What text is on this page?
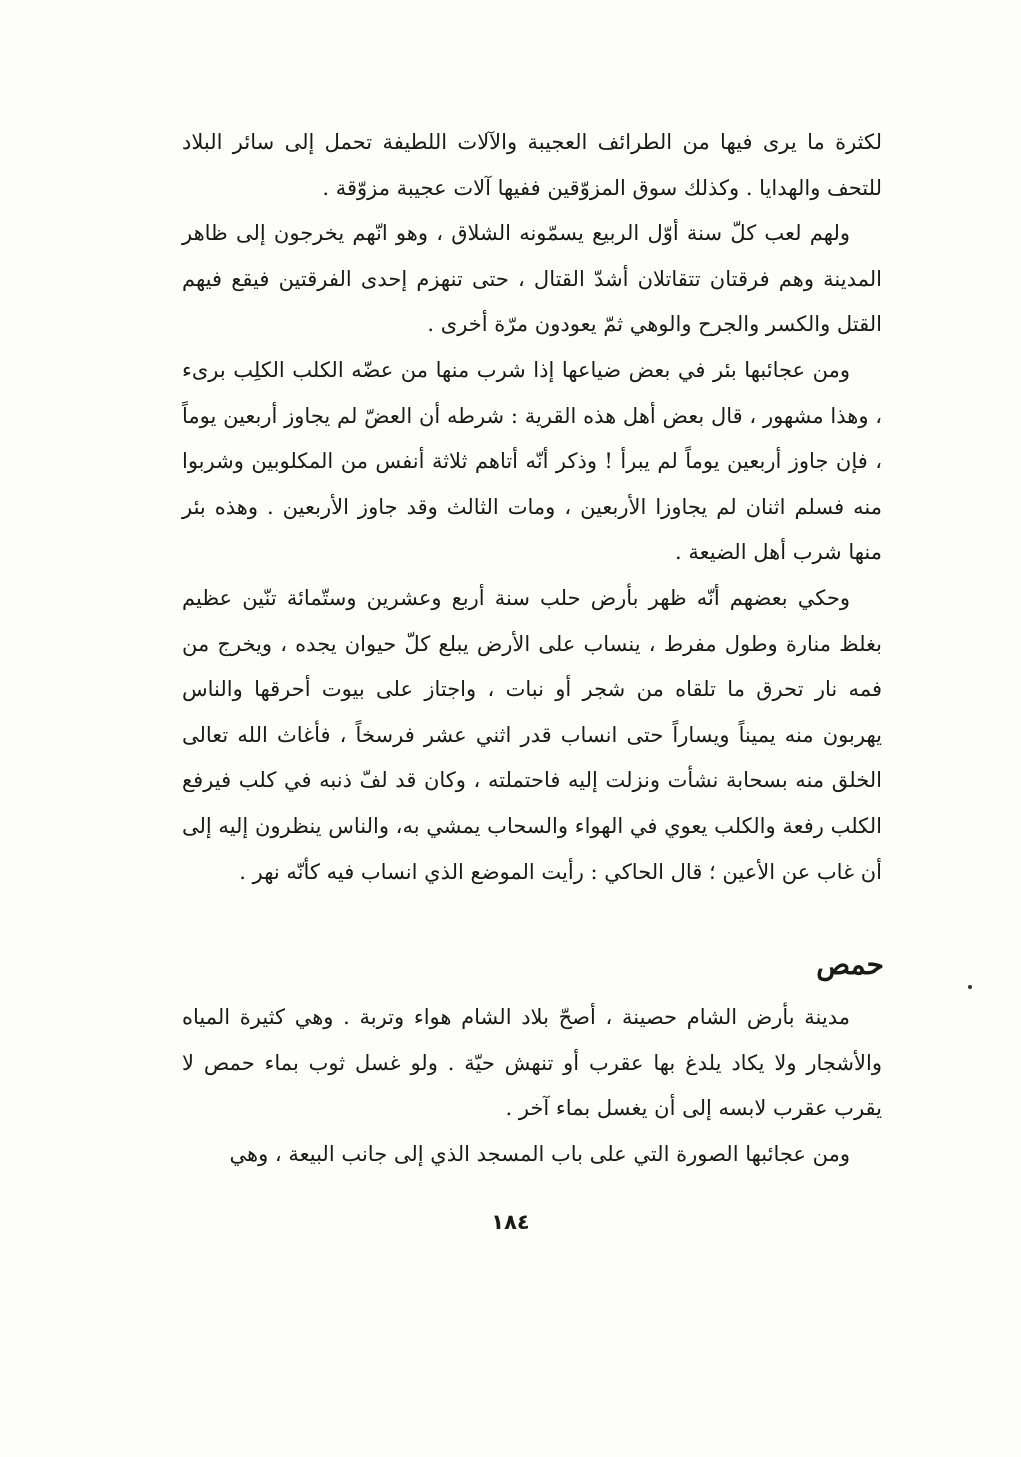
لكثرة ما يرى فيها من الطرائف العجيبة والآلات اللطيفة تحمل إلى سائر البلاد للتحف والهدايا . وكذلك سوق المزوّقين ففيها آلات عجيبة مزوّقة .

ولهم لعب كلّ سنة أوّل الربيع يسمّونه الشلاق ، وهو انّهم يخرجون إلى ظاهر المدينة وهم فرقتان تتقاتلان أشدّ القتال ، حتى تنهزم إحدى الفرقتين فيقع فيهم القتل والكسر والجرح والوهي ثمّ يعودون مرّة أخرى .

ومن عجائبها بئر في بعض ضياعها إذا شرب منها من عضّه الكلب الكلِب برىء ، وهذا مشهور ، قال بعض أهل هذه القرية : شرطه أن العضّ لم يجاوز أربعين يوماً ، فإن جاوز أربعين يوماً لم يبرأ ! وذكر أنّه أتاهم ثلاثة أنفس من المكلوبين وشربوا منه فسلم اثنان لم يجاوزا الأربعين ، ومات الثالث وقد جاوز الأربعين . وهذه بئر منها شرب أهل الضيعة .

وحكي بعضهم أنّه ظهر بأرض حلب سنة أربع وعشرين وستّمائة تنّين عظيم بغلظ منارة وطول مفرط ، ينساب على الأرض يبلع كلّ حيوان يجده ، ويخرج من فمه نار تحرق ما تلقاه من شجر أو نبات ، واجتاز على بيوت أحرقها والناس يهربون منه يميناً ويساراً حتى انساب قدر اثني عشر فرسخاً ، فأغاث الله تعالى الخلق منه بسحابة نشأت ونزلت إليه فاحتملته ، وكان قد لفّ ذنبه في كلب فيرفع الكلب رفعة والكلب يعوي في الهواء والسحاب يمشي به، والناس ينظرون إليه إلى أن غاب عن الأعين ؛ قال الحاكي : رأيت الموضع الذي انساب فيه كأنّه نهر .

حمص

مدينة بأرض الشام حصينة ، أصحّ بلاد الشام هواء وتربة . وهي كثيرة المياه والأشجار ولا يكاد يلدغ بها عقرب أو تنهش حيّة . ولو غسل ثوب بماء حمص لا يقرب عقرب لابسه إلى أن يغسل بماء آخر .

ومن عجائبها الصورة التي على باب المسجد الذي إلى جانب البيعة ، وهي

١٨٤
